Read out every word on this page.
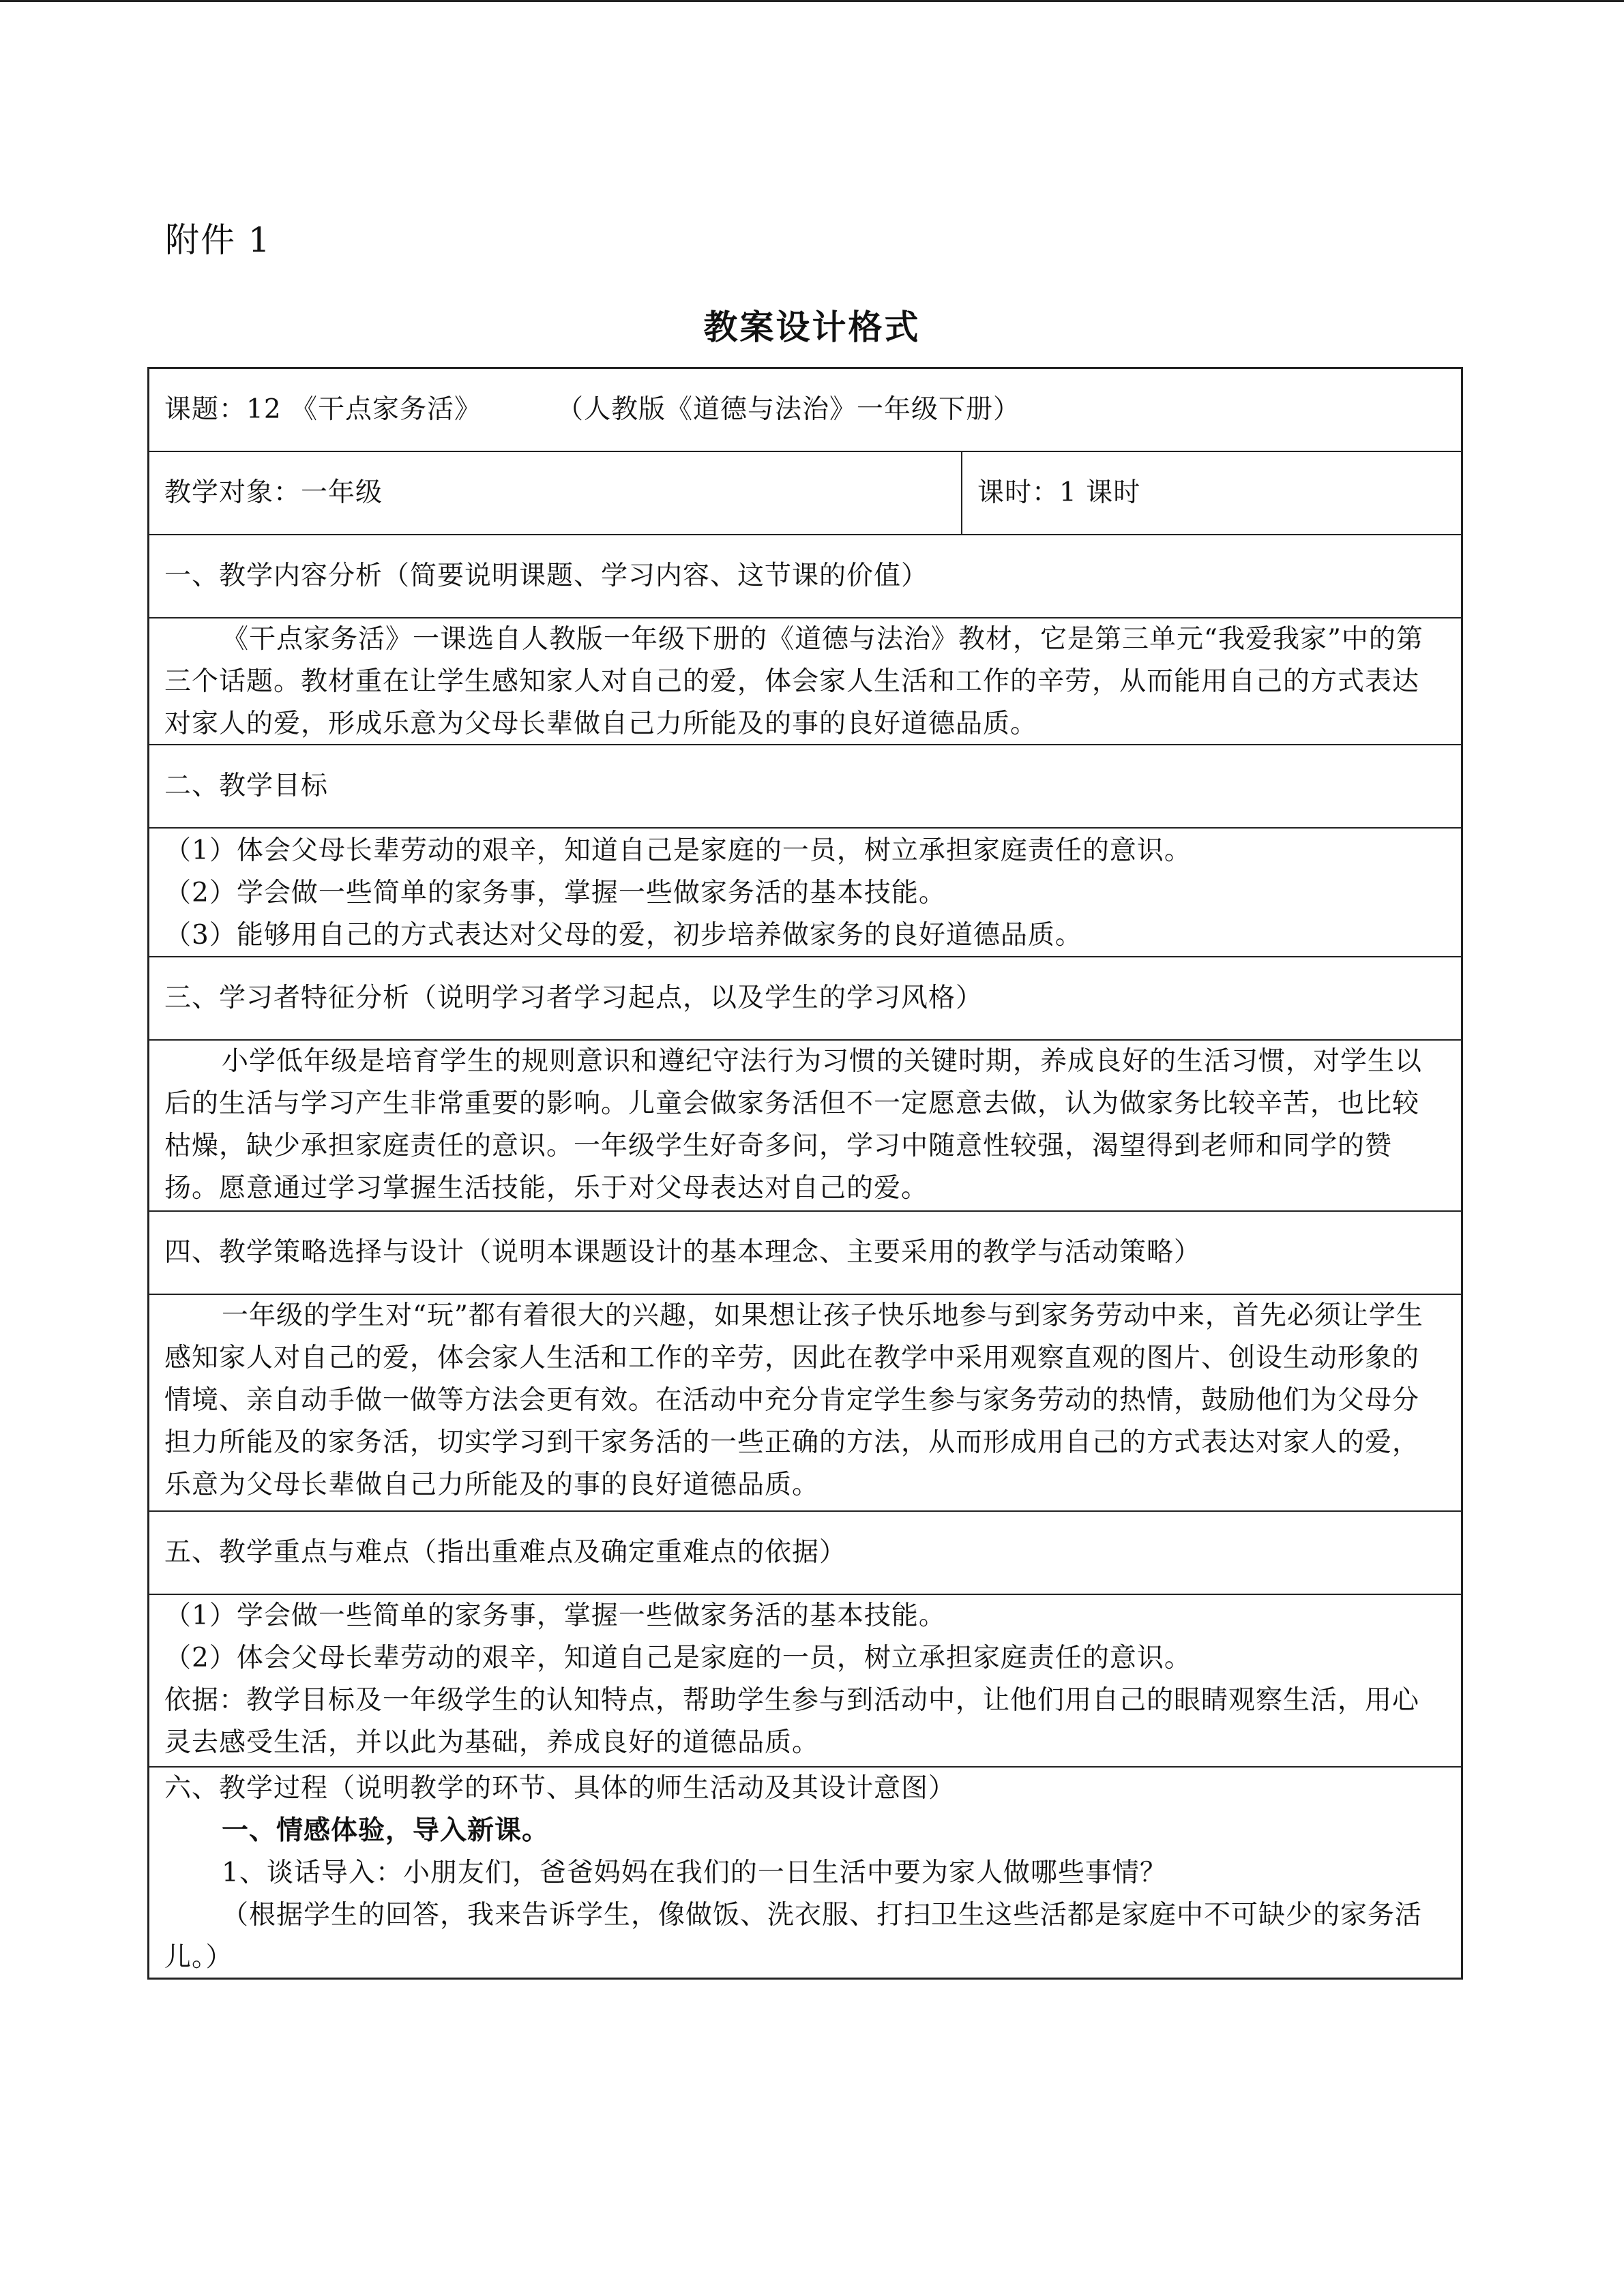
附件 1
教案设计格式
课题：12 《干点家务活》	（人教版《道德与法治》一年级下册）
教学对象：一年级	课时：1 课时
一、教学内容分析（简要说明课题、学习内容、这节课的价值）

《干点家务活》一课选自人教版一年级下册的《道德与法治》教材，它是第三单元“我爱我家”中的第三个话题。教材重在让学生感知家人对自己的爱，体会家人生活和工作的辛劳，从而能用自己的方式表达对家人的爱，形成乐意为父母长辈做自己力所能及的事的良好道德品质。

二、教学目标

（1）体会父母长辈劳动的艰辛，知道自己是家庭的一员，树立承担家庭责任的意识。

（2）学会做一些简单的家务事，掌握一些做家务活的基本技能。

（3）能够用自己的方式表达对父母的爱，初步培养做家务的良好道德品质。

三、学习者特征分析（说明学习者学习起点，以及学生的学习风格）

小学低年级是培育学生的规则意识和遵纪守法行为习惯的关键时期，养成良好的生活习惯，对学生以后的生活与学习产生非常重要的影响。儿童会做家务活但不一定愿意去做，认为做家务比较辛苦，也比较枯燥，缺少承担家庭责任的意识。一年级学生好奇多问，学习中随意性较强，渴望得到老师和同学的赞扬。愿意通过学习掌握生活技能，乐于对父母表达对自己的爱。

四、教学策略选择与设计（说明本课题设计的基本理念、主要采用的教学与活动策略）

一年级的学生对“玩”都有着很大的兴趣，如果想让孩子快乐地参与到家务劳动中来，首先必须让学生感知家人对自己的爱，体会家人生活和工作的辛劳，因此在教学中采用观察直观的图片、创设生动形象的情境、亲自动手做一做等方法会更有效。在活动中充分肯定学生参与家务劳动的热情，鼓励他们为父母分担力所能及的家务活，切实学习到干家务活的一些正确的方法，从而形成用自己的方式表达对家人的爱，乐意为父母长辈做自己力所能及的事的良好道德品质。

五、教学重点与难点（指出重难点及确定重难点的依据）

（1）学会做一些简单的家务事，掌握一些做家务活的基本技能。

（2）体会父母长辈劳动的艰辛，知道自己是家庭的一员，树立承担家庭责任的意识。

依据：教学目标及一年级学生的认知特点，帮助学生参与到活动中，让他们用自己的眼睛观察生活，用心灵去感受生活，并以此为基础，养成良好的道德品质。

六、教学过程（说明教学的环节、具体的师生活动及其设计意图）

一、情感体验，导入新课。

1、谈话导入：小朋友们，爸爸妈妈在我们的一日生活中要为家人做哪些事情？

（根据学生的回答，我来告诉学生，像做饭、洗衣服、打扫卫生这些活都是家庭中不可缺少的家务活儿。）
